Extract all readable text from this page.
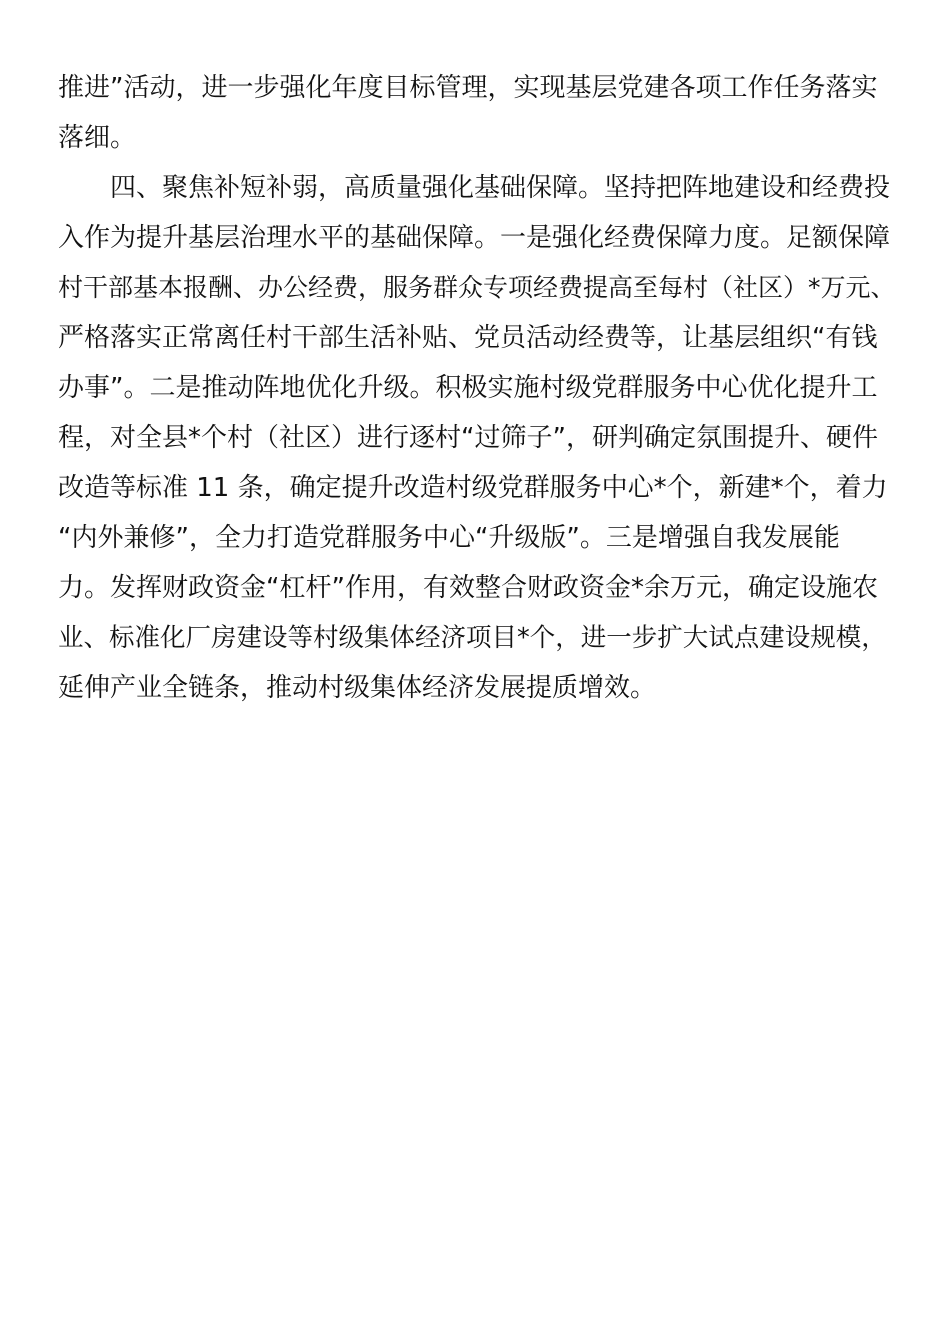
推进”活动，进一步强化年度目标管理，实现基层党建各项工作任务落实
落细。
　　四、聚焦补短补弱，高质量强化基础保障。坚持把阵地建设和经费投
入作为提升基层治理水平的基础保障。一是强化经费保障力度。足额保障
村干部基本报酬、办公经费，服务群众专项经费提高至每村（社区）*万元、
严格落实正常离任村干部生活补贴、党员活动经费等，让基层组织“有钱
办事”。二是推动阵地优化升级。积极实施村级党群服务中心优化提升工
程，对全县*个村（社区）进行逐村“过筛子”，研判确定氛围提升、硬件
改造等标准 11 条，确定提升改造村级党群服务中心*个，新建*个，着力
“内外兼修”，全力打造党群服务中心“升级版”。三是增强自我发展能
力。发挥财政资金“杠杆”作用，有效整合财政资金*余万元，确定设施农
业、标准化厂房建设等村级集体经济项目*个，进一步扩大试点建设规模，
延伸产业全链条，推动村级集体经济发展提质增效。
